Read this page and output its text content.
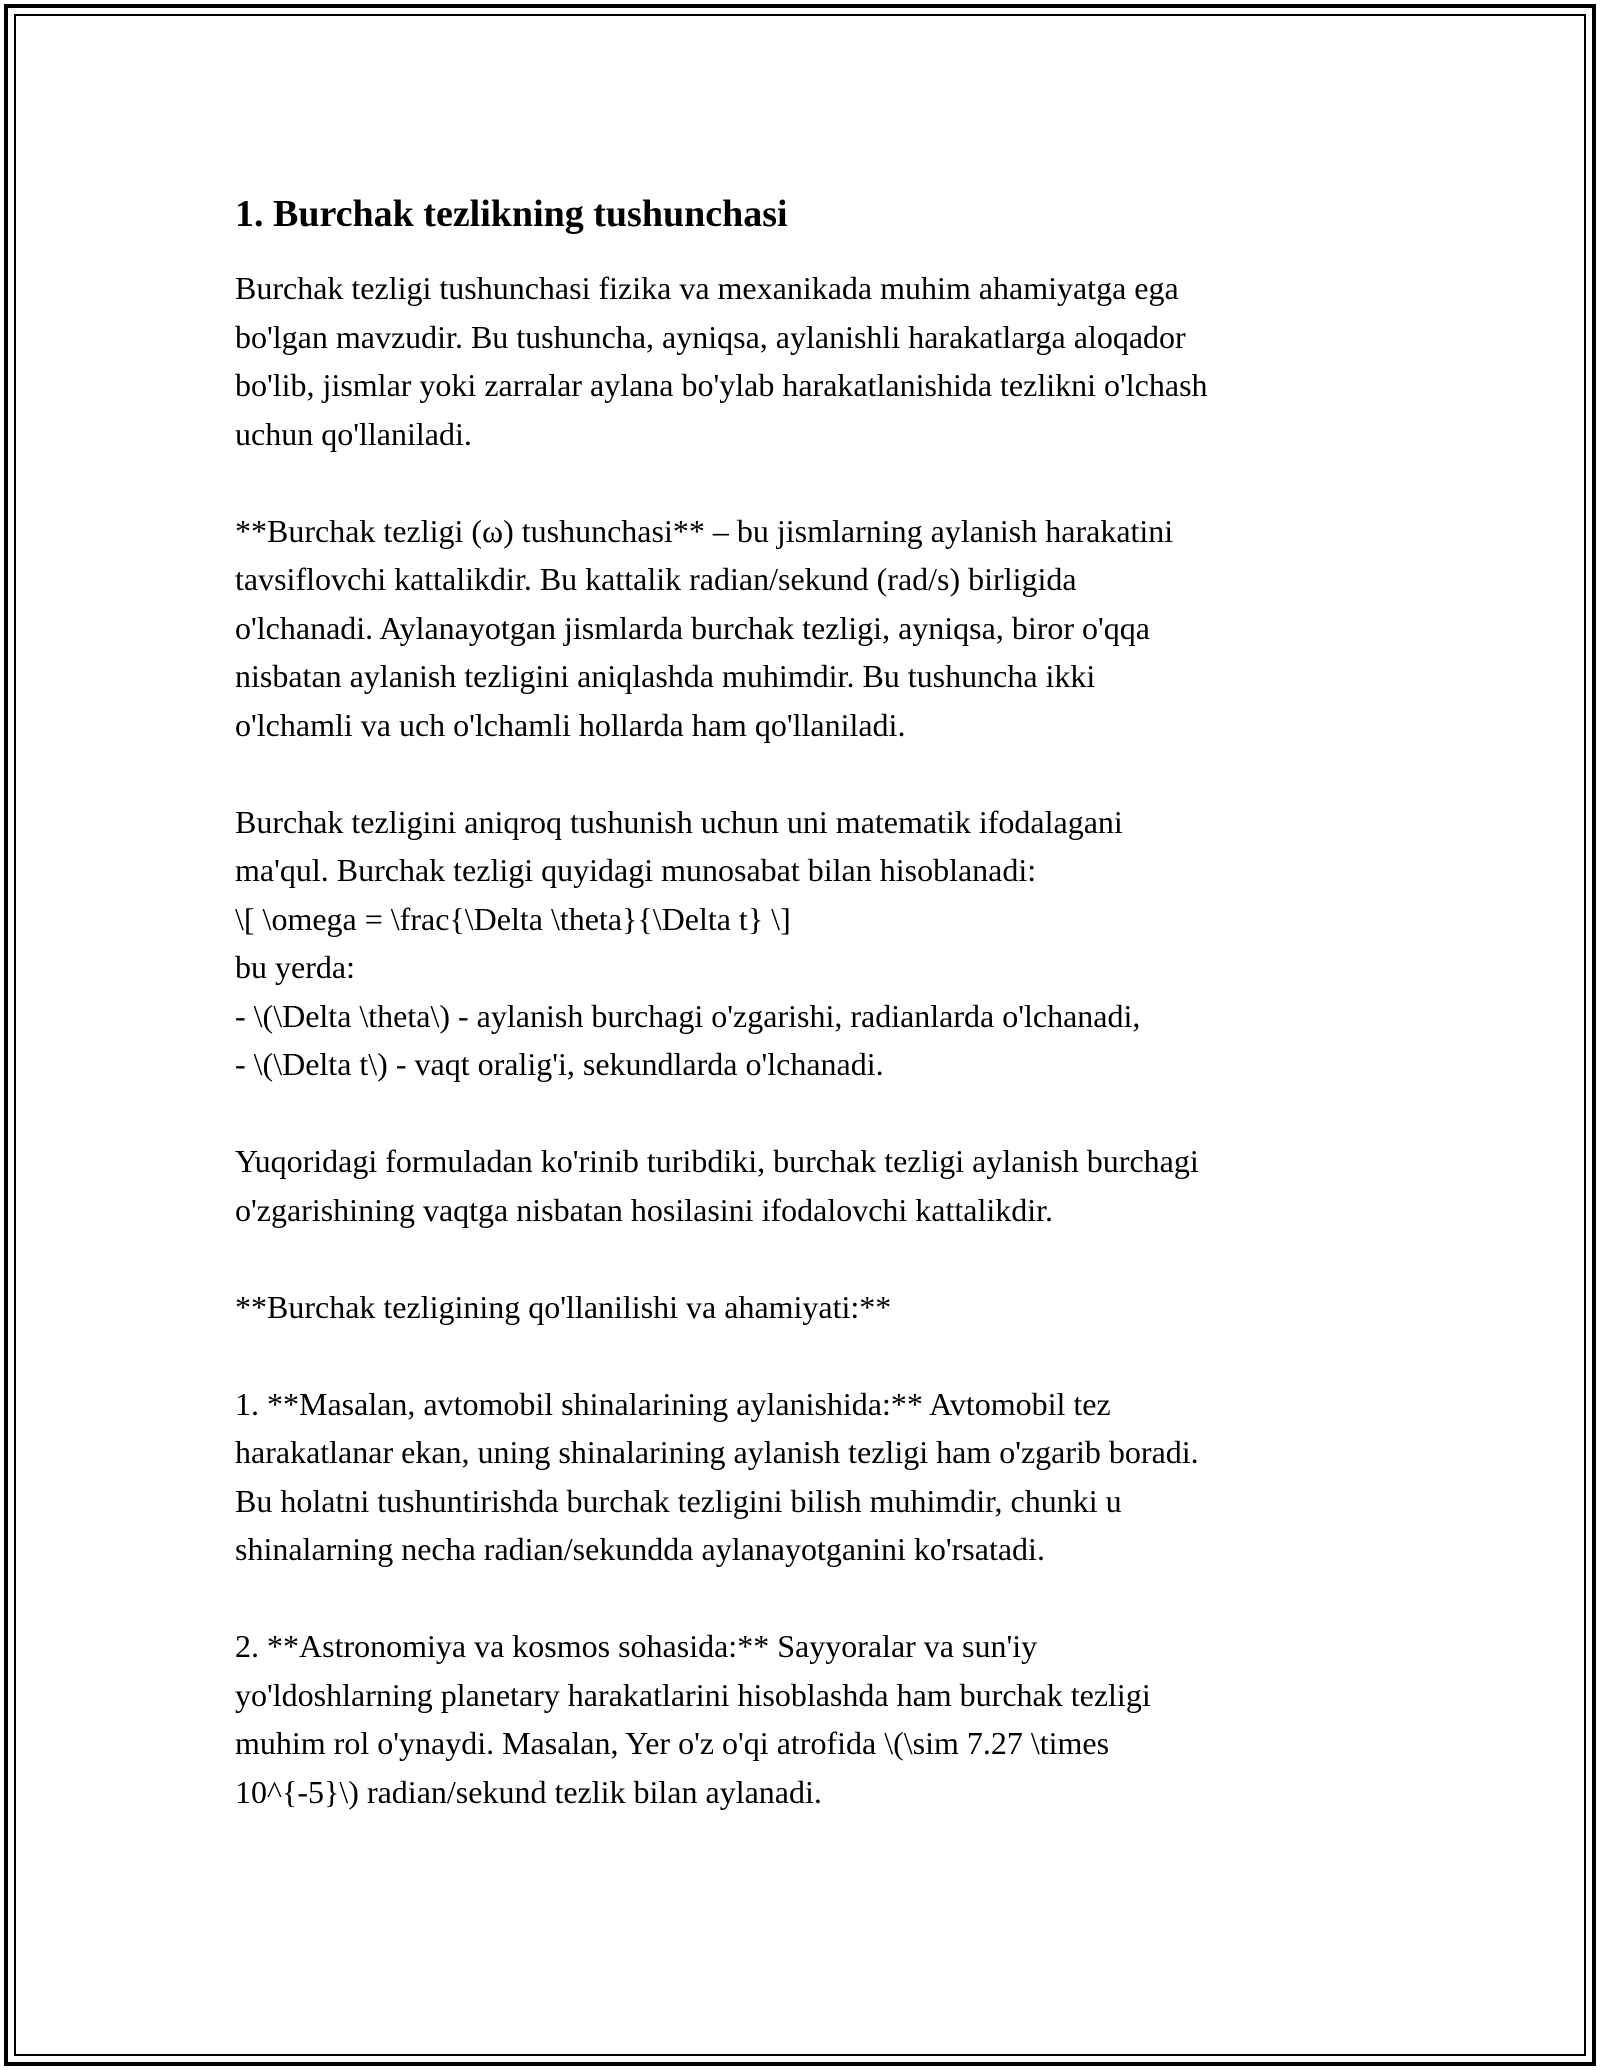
1. Burchak tezlikning tushunchasi
Burchak tezligi tushunchasi fizika va mexanikada muhim ahamiyatga ega
bo'lgan mavzudir. Bu tushuncha, ayniqsa, aylanishli harakatlarga aloqador
bo'lib, jismlar yoki zarralar aylana bo'ylab harakatlanishida tezlikni o'lchash
uchun qo'llaniladi.
**Burchak tezligi (ω) tushunchasi** – bu jismlarning aylanish harakatini
tavsiflovchi kattalikdir. Bu kattalik radian/sekund (rad/s) birligida
o'lchanadi. Aylanayotgan jismlarda burchak tezligi, ayniqsa, biror o'qqa
nisbatan aylanish tezligini aniqlashda muhimdir. Bu tushuncha ikki
o'lchamli va uch o'lchamli hollarda ham qo'llaniladi.
Burchak tezligini aniqroq tushunish uchun uni matematik ifodalagani
ma'qul. Burchak tezligi quyidagi munosabat bilan hisoblanadi:
\[ \omega = \frac{\Delta \theta}{\Delta t} \]
bu yerda:
- \(\Delta \theta\) - aylanish burchagi o'zgarishi, radianlarda o'lchanadi,
- \(\Delta t\) - vaqt oralig'i, sekundlarda o'lchanadi.
Yuqoridagi formuladan ko'rinib turibdiki, burchak tezligi aylanish burchagi
o'zgarishining vaqtga nisbatan hosilasini ifodalovchi kattalikdir.
**Burchak tezligining qo'llanilishi va ahamiyati:**
1. **Masalan, avtomobil shinalarining aylanishida:** Avtomobil tez
harakatlanar ekan, uning shinalarining aylanish tezligi ham o'zgarib boradi.
Bu holatni tushuntirishda burchak tezligini bilish muhimdir, chunki u
shinalarning necha radian/sekundda aylanayotganini ko'rsatadi.
2. **Astronomiya va kosmos sohasida:** Sayyoralar va sun'iy
yo'ldoshlarning planetary harakatlarini hisoblashda ham burchak tezligi
muhim rol o'ynaydi. Masalan, Yer o'z o'qi atrofida \(\sim 7.27 \times
10^{-5}\) radian/sekund tezlik bilan aylanadi.
